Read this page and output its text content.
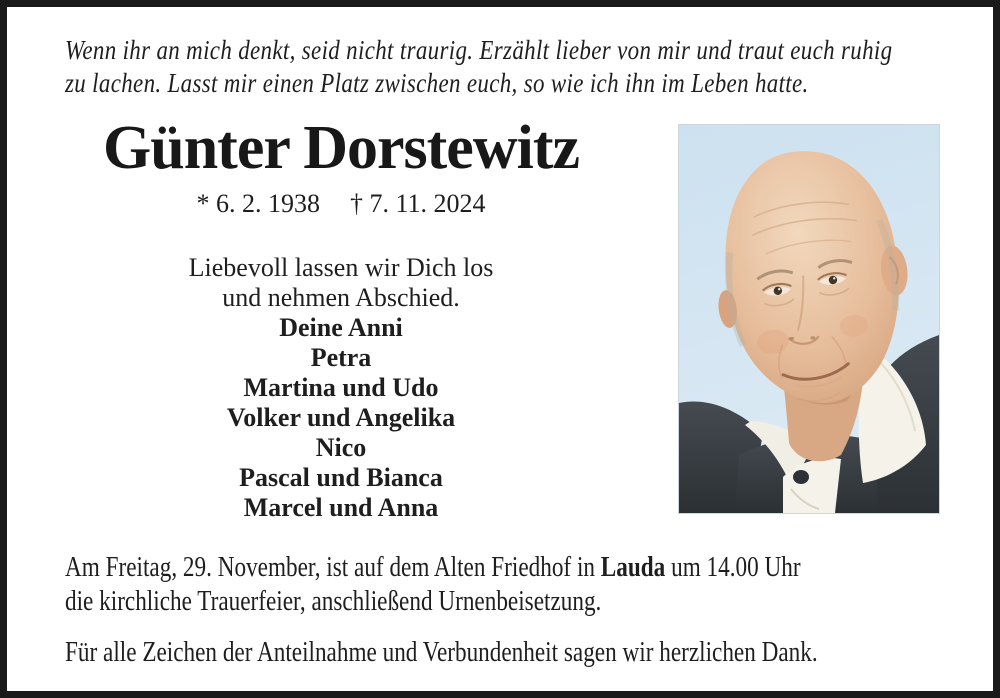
Wenn ihr an mich denkt, seid nicht traurig. Erzählt lieber von mir und traut euch ruhig
zu lachen. Lasst mir einen Platz zwischen euch, so wie ich ihn im Leben hatte.
Günter Dorstewitz
* 6. 2. 1938 † 7. 11. 2024
Liebevoll lassen wir Dich los
und nehmen Abschied.
Deine Anni
Petra
Martina und Udo
Volker und Angelika
Nico
Pascal und Bianca
Marcel und Anna
Am Freitag, 29. November, ist auf dem Alten Friedhof in Lauda um 14.00 Uhr
die kirchliche Trauerfeier, anschließend Urnenbeisetzung.
Für alle Zeichen der Anteilnahme und Verbundenheit sagen wir herzlichen Dank.
